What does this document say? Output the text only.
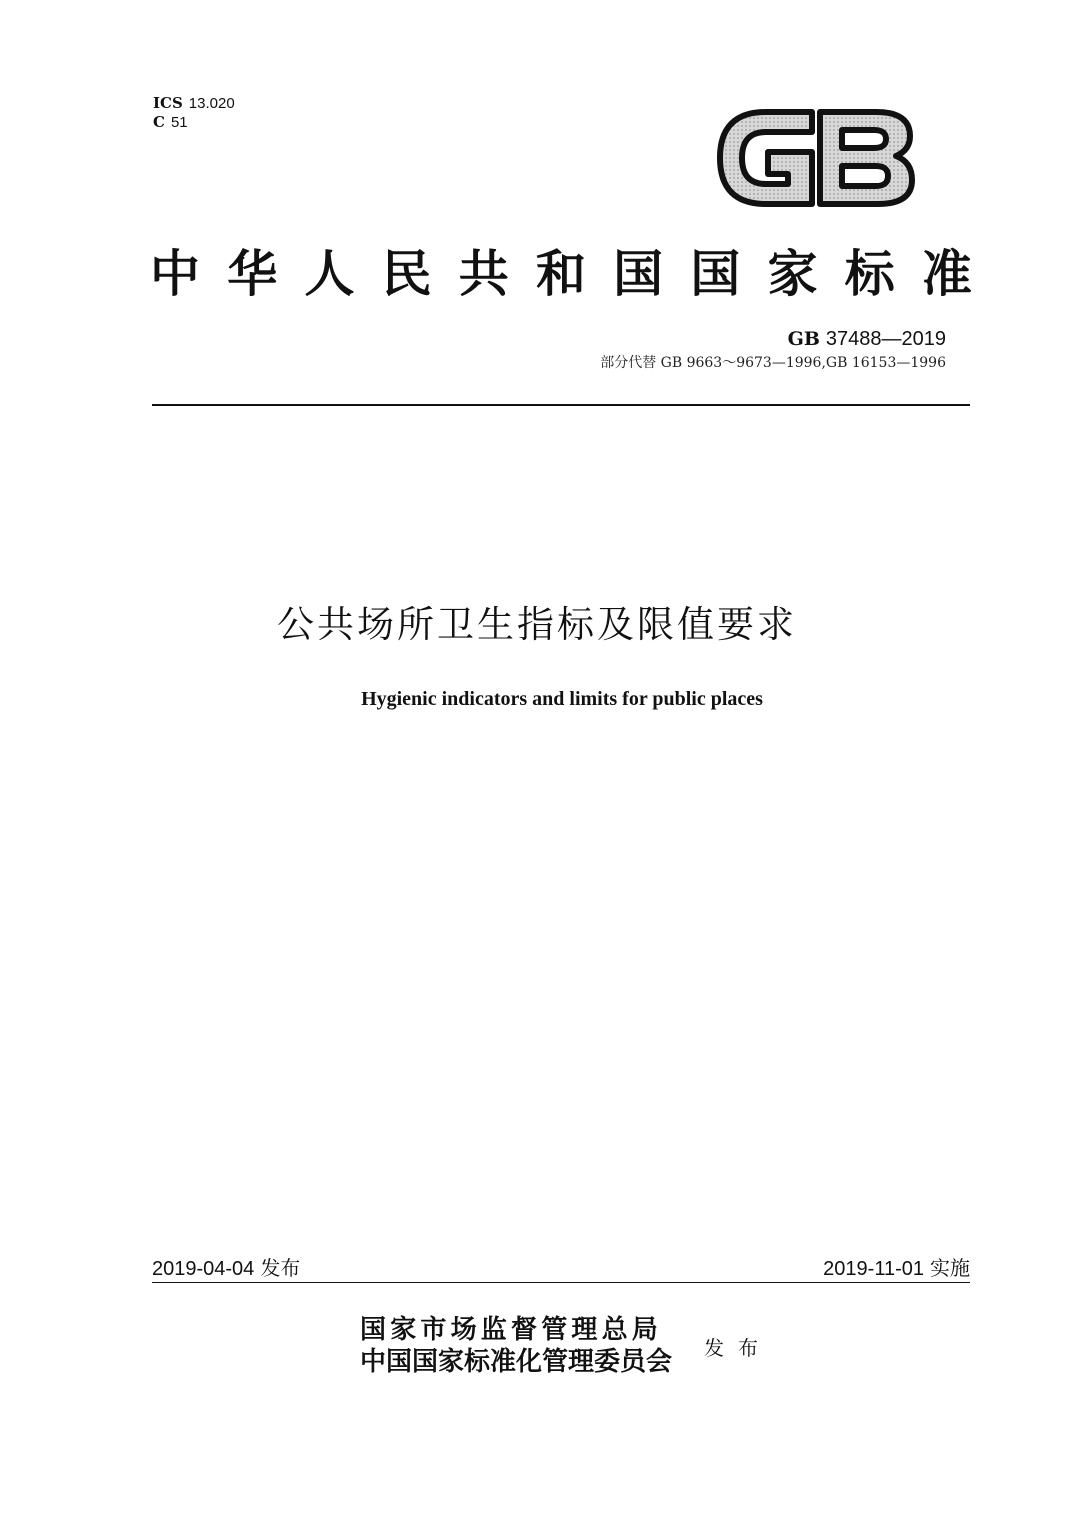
ICS 13.020
C 51
中 华 人 民 共 和 国 国 家 标 准
GB 37488—2019
部分代替 GB 9663～9673—1996,GB 16153—1996
公共场所卫生指标及限值要求
Hygienic indicators and limits for public places
2019-04-04 发布	2019-11-01 实施
国家市场监督管理总局
中国国家标准化管理委员会 发布
